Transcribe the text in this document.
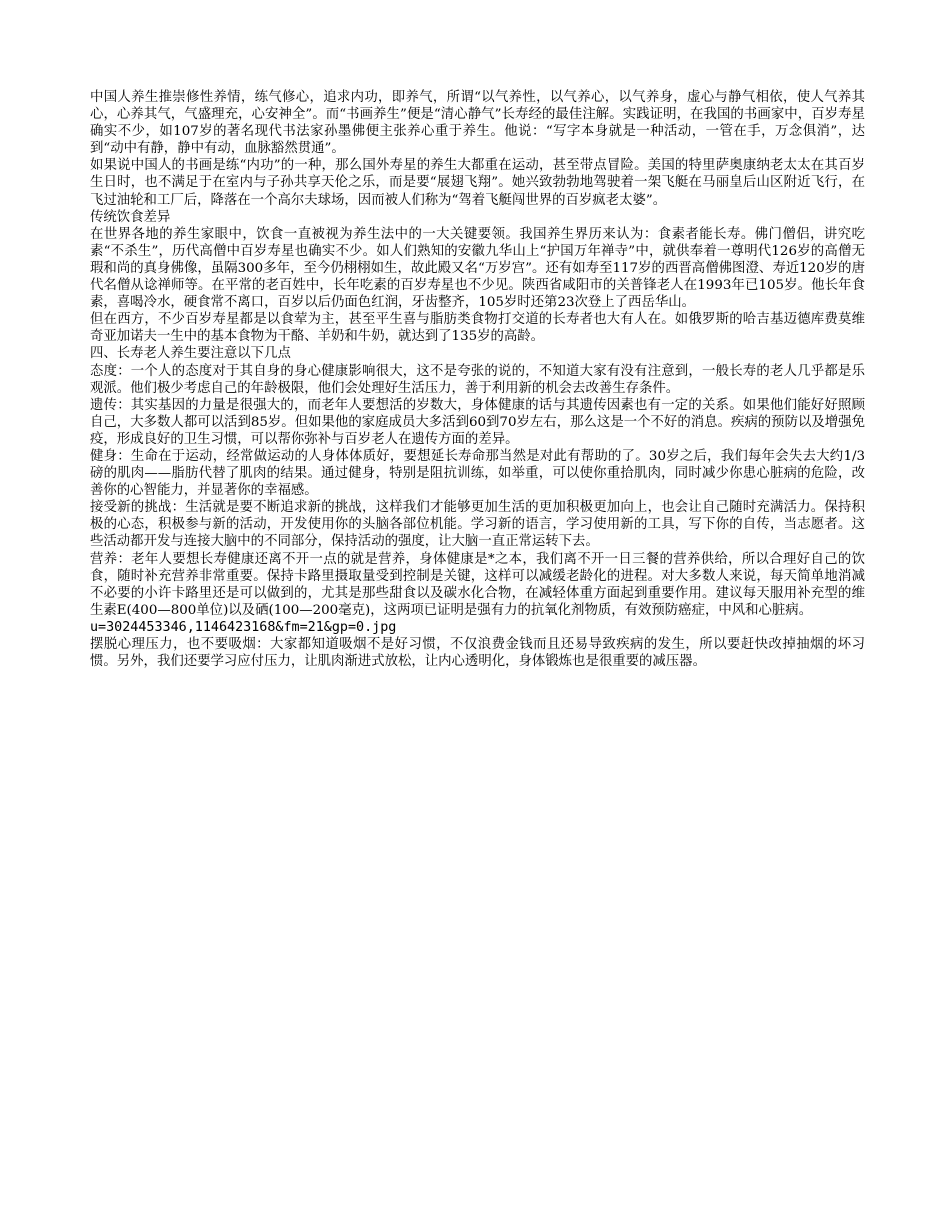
中国人养生推崇修性养情，练气修心，追求内功，即养气，所谓“以气养性，以气养心，以气养身，虚心与静气相依，使人气养其心，心养其气，气盛理充，心安神全”。而“书画养生”便是“清心静气”长寿经的最佳注解。实践证明，在我国的书画家中，百岁寿星确实不少，如107岁的著名现代书法家孙墨佛便主张养心重于养生。他说：“写字本身就是一种活动，一管在手，万念俱消”，达到“动中有静，静中有动，血脉豁然贯通”。

如果说中国人的书画是练“内功”的一种，那么国外寿星的养生大都重在运动，甚至带点冒险。美国的特里萨奥康纳老太太在其百岁生日时，也不满足于在室内与子孙共享天伦之乐，而是要“展翅飞翔”。她兴致勃勃地驾驶着一架飞艇在马丽皇后山区附近飞行，在飞过油轮和工厂后，降落在一个高尔夫球场，因而被人们称为“驾着飞艇闯世界的百岁疯老太婆”。

传统饮食差异

在世界各地的养生家眼中，饮食一直被视为养生法中的一大关键要领。我国养生界历来认为：食素者能长寿。佛门僧侣，讲究吃素“不杀生”，历代高僧中百岁寿星也确实不少。如人们熟知的安徽九华山上“护国万年禅寺”中，就供奉着一尊明代126岁的高僧无瑕和尚的真身佛像，虽隔300多年，至今仍栩栩如生，故此殿又名“万岁宫”。还有如寿至117岁的西晋高僧佛图澄、寿近120岁的唐代名僧从谂禅师等。在平常的老百姓中，长年吃素的百岁寿星也不少见。陕西省咸阳市的关普锋老人在1993年已105岁。他长年食素，喜喝冷水，硬食常不离口，百岁以后仍面色红润，牙齿整齐，105岁时还第23次登上了西岳华山。

但在西方，不少百岁寿星都是以食荤为主，甚至平生喜与脂肪类食物打交道的长寿者也大有人在。如俄罗斯的哈吉基迈德库费莫维奇亚加诺夫一生中的基本食物为干酪、羊奶和牛奶，就达到了135岁的高龄。

四、长寿老人养生要注意以下几点

态度：一个人的态度对于其自身的身心健康影响很大，这不是夸张的说的，不知道大家有没有注意到，一般长寿的老人几乎都是乐观派。他们极少考虑自己的年龄极限，他们会处理好生活压力，善于利用新的机会去改善生存条件。

遗传：其实基因的力量是很强大的，而老年人要想活的岁数大，身体健康的话与其遗传因素也有一定的关系。如果他们能好好照顾自己，大多数人都可以活到85岁。但如果他的家庭成员大多活到60到70岁左右，那么这是一个不好的消息。疾病的预防以及增强免疫，形成良好的卫生习惯，可以帮你弥补与百岁老人在遗传方面的差异。

健身：生命在于运动，经常做运动的人身体体质好，要想延长寿命那当然是对此有帮助的了。30岁之后，我们每年会失去大约1/3磅的肌肉——脂肪代替了肌肉的结果。通过健身，特别是阻抗训练，如举重，可以使你重拾肌肉，同时减少你患心脏病的危险，改善你的心智能力，并显著你的幸福感。

接受新的挑战：生活就是要不断追求新的挑战，这样我们才能够更加生活的更加积极更加向上，也会让自己随时充满活力。保持积极的心态，积极参与新的活动，开发使用你的头脑各部位机能。学习新的语言，学习使用新的工具，写下你的自传，当志愿者。这些活动都开发与连接大脑中的不同部分，保持活动的强度，让大脑一直正常运转下去。

营养：老年人要想长寿健康还离不开一点的就是营养，身体健康是*之本，我们离不开一日三餐的营养供给，所以合理好自己的饮食，随时补充营养非常重要。保持卡路里摄取量受到控制是关键，这样可以减缓老龄化的进程。对大多数人来说，每天简单地消减不必要的小许卡路里还是可以做到的，尤其是那些甜食以及碳水化合物，在减轻体重方面起到重要作用。建议每天服用补充型的维生素E(400—800单位)以及硒(100—200毫克)，这两项已证明是强有力的抗氧化剂物质，有效预防癌症，中风和心脏病。

u=3024453346,1146423168&fm=21&gp=0.jpg

摆脱心理压力，也不要吸烟：大家都知道吸烟不是好习惯，不仅浪费金钱而且还易导致疾病的发生，所以要赶快改掉抽烟的坏习惯。另外，我们还要学习应付压力，让肌肉渐进式放松，让内心透明化，身体锻炼也是很重要的减压器。
